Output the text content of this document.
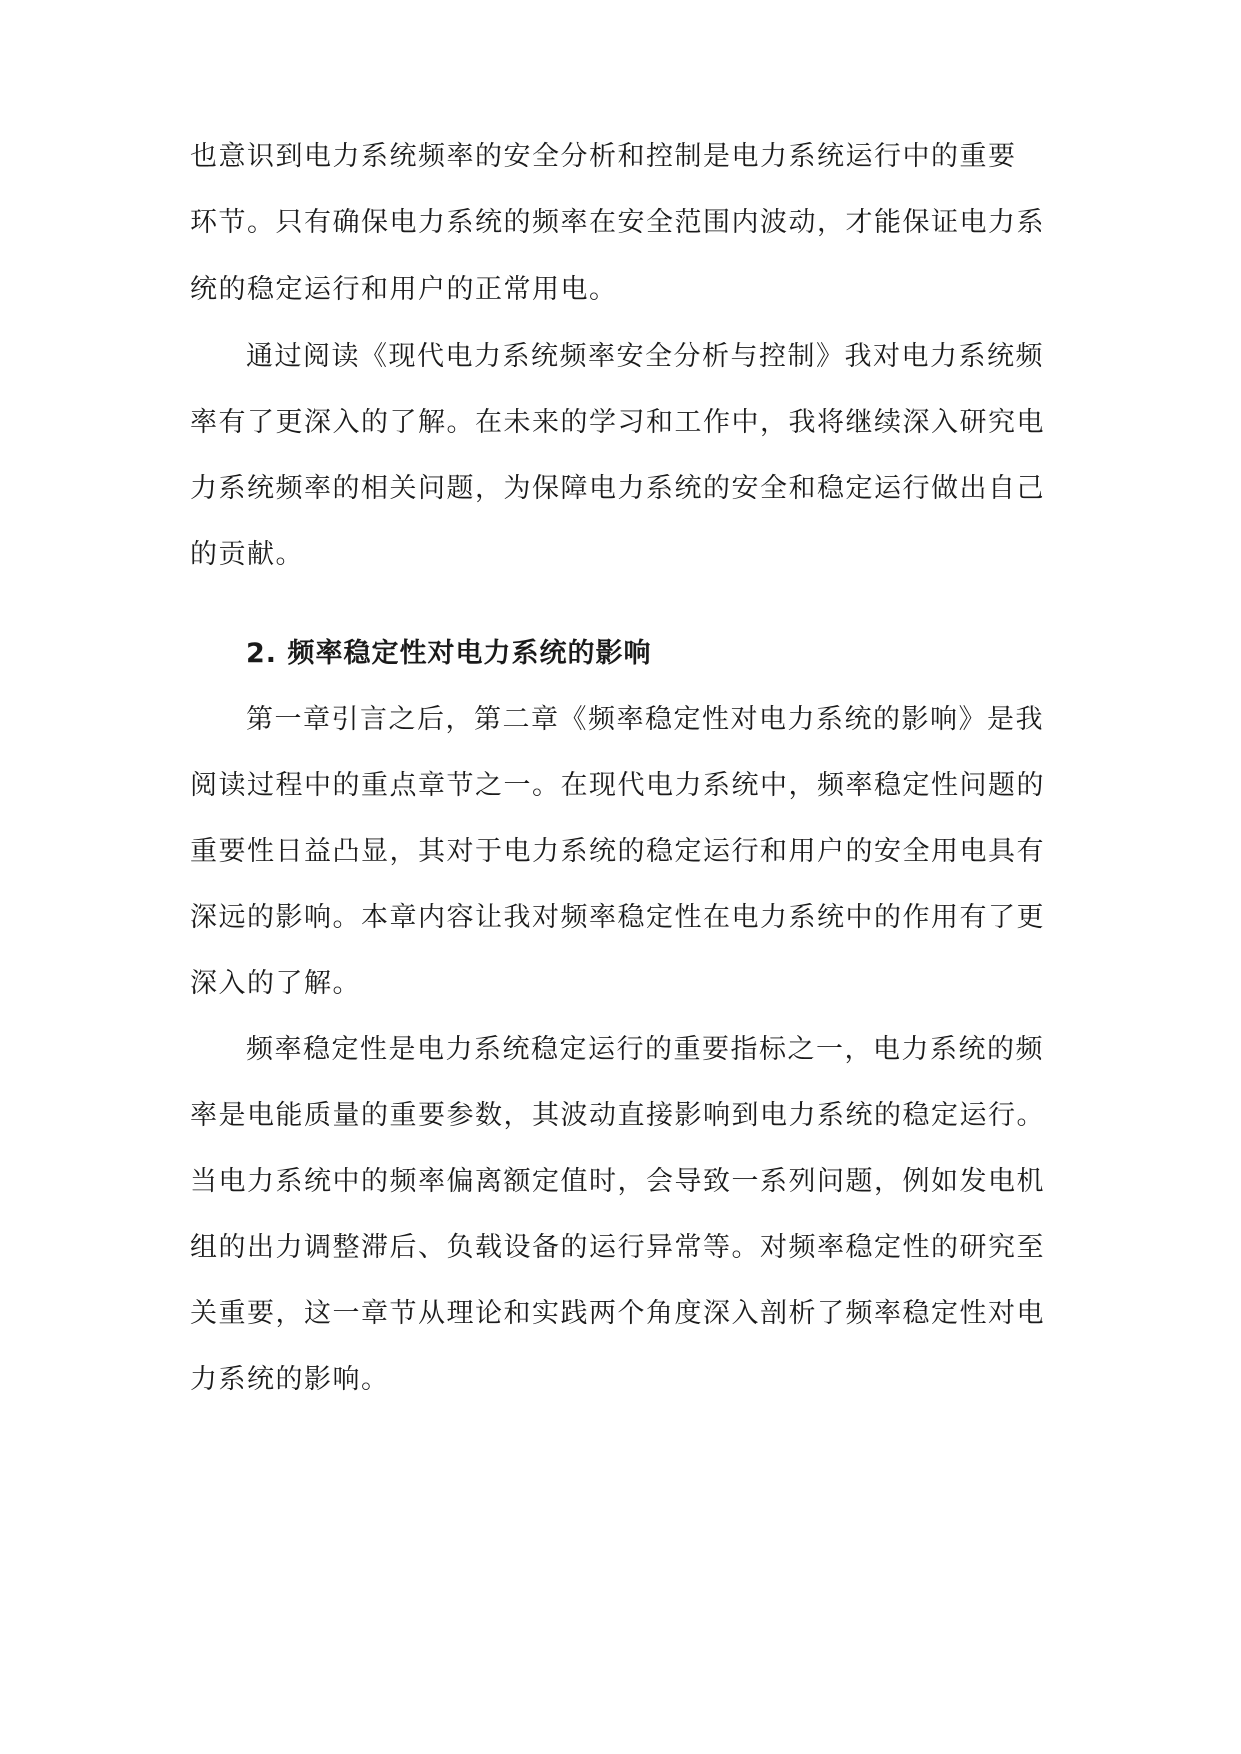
也意识到电力系统频率的安全分析和控制是电力系统运行中的重要
环节。只有确保电力系统的频率在安全范围内波动，才能保证电力系
统的稳定运行和用户的正常用电。
通过阅读《现代电力系统频率安全分析与控制》我对电力系统频
率有了更深入的了解。在未来的学习和工作中，我将继续深入研究电
力系统频率的相关问题，为保障电力系统的安全和稳定运行做出自己
的贡献。
2. 频率稳定性对电力系统的影响
第一章引言之后，第二章《频率稳定性对电力系统的影响》是我
阅读过程中的重点章节之一。在现代电力系统中，频率稳定性问题的
重要性日益凸显，其对于电力系统的稳定运行和用户的安全用电具有
深远的影响。本章内容让我对频率稳定性在电力系统中的作用有了更
深入的了解。
频率稳定性是电力系统稳定运行的重要指标之一，电力系统的频
率是电能质量的重要参数，其波动直接影响到电力系统的稳定运行。
当电力系统中的频率偏离额定值时，会导致一系列问题，例如发电机
组的出力调整滞后、负载设备的运行异常等。对频率稳定性的研究至
关重要，这一章节从理论和实践两个角度深入剖析了频率稳定性对电
力系统的影响。
